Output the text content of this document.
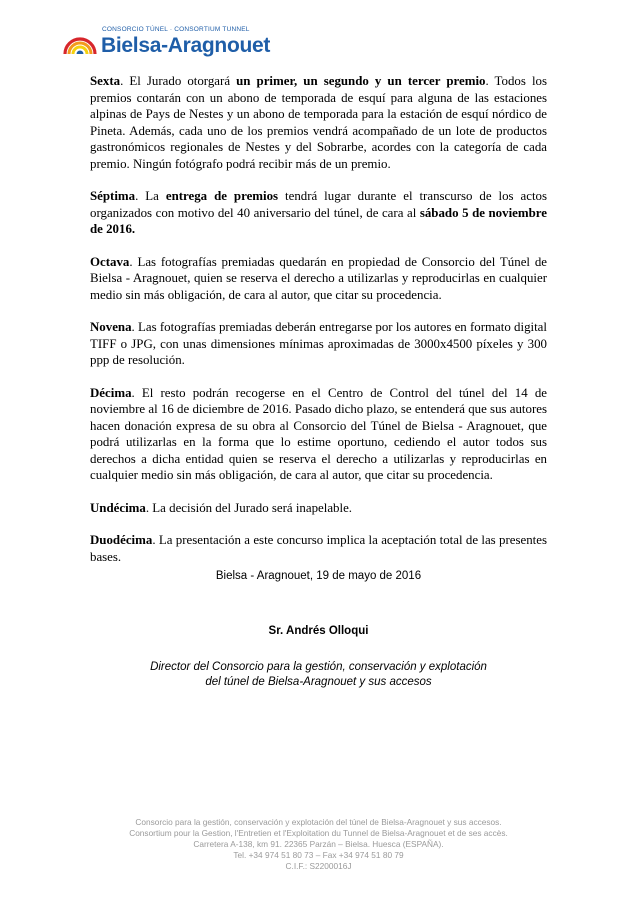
CONSORCIO TÚNEL · CONSORTIUM TUNNEL
Bielsa-Aragnouet

Sexta. El Jurado otorgará un primer, un segundo y un tercer premio. Todos los premios contarán con un abono de temporada de esquí para alguna de las estaciones alpinas de Pays de Nestes y un abono de temporada para la estación de esquí nórdico de Pineta. Además, cada uno de los premios vendrá acompañado de un lote de productos gastronómicos regionales de Nestes y del Sobrarbe, acordes con la categoría de cada premio. Ningún fotógrafo podrá recibir más de un premio.

Séptima. La entrega de premios tendrá lugar durante el transcurso de los actos organizados con motivo del 40 aniversario del túnel, de cara al sábado 5 de noviembre de 2016.

Octava. Las fotografías premiadas quedarán en propiedad de Consorcio del Túnel de Bielsa - Aragnouet, quien se reserva el derecho a utilizarlas y reproducirlas en cualquier medio sin más obligación, de cara al autor, que citar su procedencia.

Novena. Las fotografías premiadas deberán entregarse por los autores en formato digital TIFF o JPG, con unas dimensiones mínimas aproximadas de 3000x4500 píxeles y 300 ppp de resolución.

Décima. El resto podrán recogerse en el Centro de Control del túnel del 14 de noviembre al 16 de diciembre de 2016. Pasado dicho plazo, se entenderá que sus autores hacen donación expresa de su obra al Consorcio del Túnel de Bielsa - Aragnouet, que podrá utilizarlas en la forma que lo estime oportuno, cediendo el autor todos sus derechos a dicha entidad quien se reserva el derecho a utilizarlas y reproducirlas en cualquier medio sin más obligación, de cara al autor, que citar su procedencia.

Undécima. La decisión del Jurado será inapelable.

Duodécima. La presentación a este concurso implica la aceptación total de las presentes bases.

Bielsa - Aragnouet, 19 de mayo de 2016
Sr. Andrés Olloqui
Director del Consorcio para la gestión, conservación y explotación
del túnel de Bielsa-Aragnouet y sus accesos
Consorcio para la gestión, conservación y explotación del túnel de Bielsa-Aragnouet y sus accesos.
Consortium pour la Gestion, l'Entretien et l'Exploitation du Tunnel de Bielsa-Aragnouet et de ses accès.
Carretera A-138, km 91. 22365 Parzán – Bielsa. Huesca (ESPAÑA).
Tel. +34 974 51 80 73 – Fax +34 974 51 80 79
C.I.F.: S2200016J
